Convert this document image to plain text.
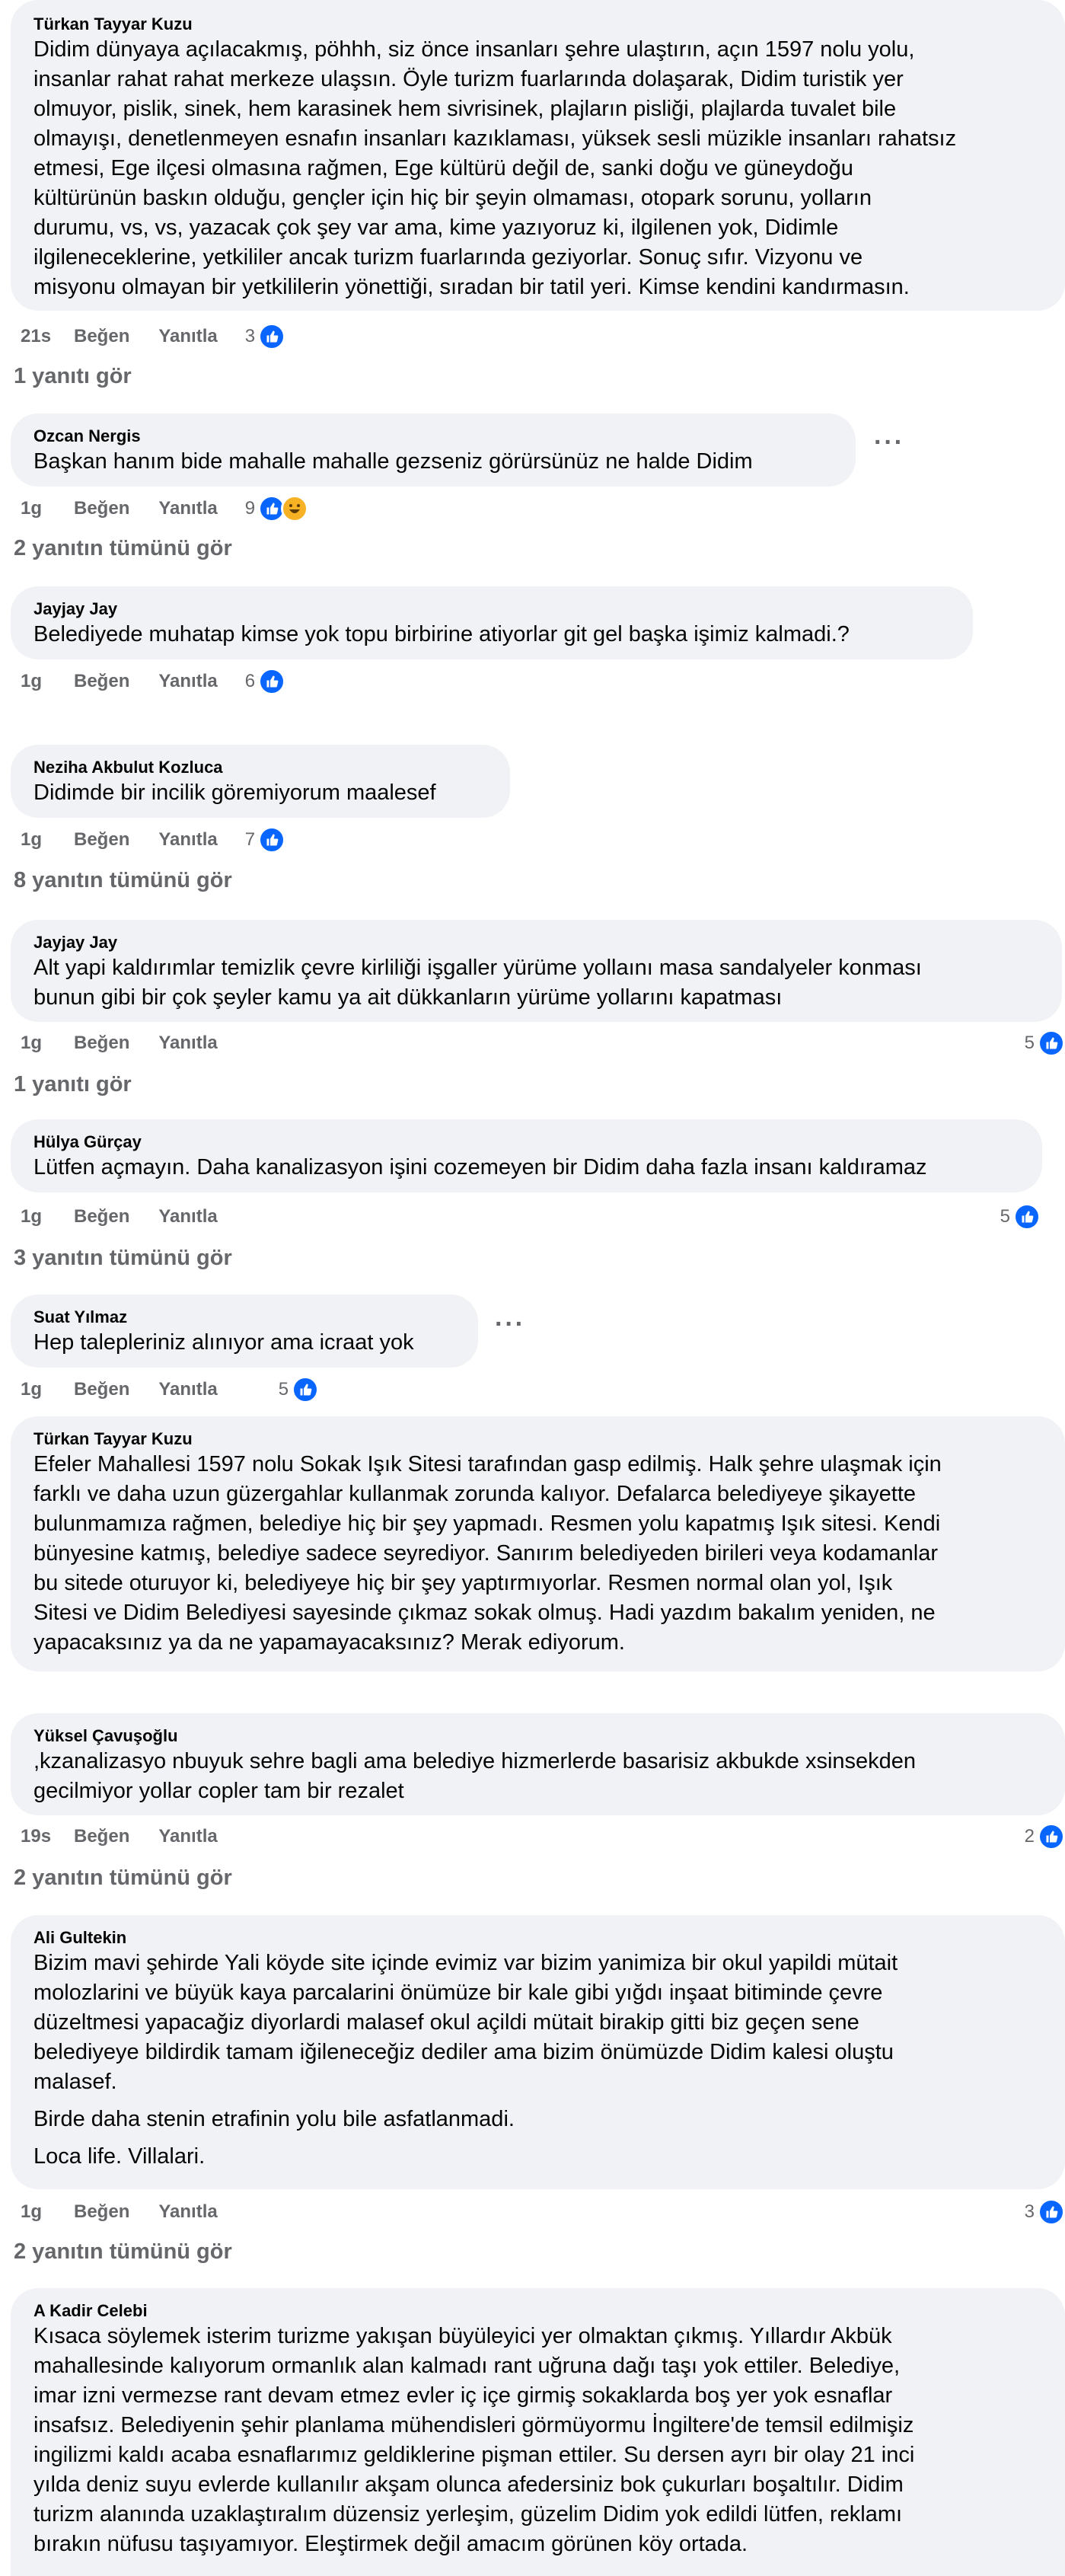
Türkan Tayyar Kuzu
Didim dünyaya açılacakmış, pöhhh, siz önce insanları şehre ulaştırın, açın 1597 nolu yolu,
insanlar rahat rahat merkeze ulaşsın. Öyle turizm fuarlarında dolaşarak, Didim turistik yer
olmuyor, pislik, sinek, hem karasinek hem sivrisinek, plajların pisliği, plajlarda tuvalet bile
olmayışı, denetlenmeyen esnafın insanları kazıklaması, yüksek sesli müzikle insanları rahatsız
etmesi, Ege ilçesi olmasına rağmen, Ege kültürü değil de, sanki doğu ve güneydoğu
kültürünün baskın olduğu, gençler için hiç bir şeyin olmaması, otopark sorunu, yolların
durumu, vs, vs, yazacak çok şey var ama, kime yazıyoruz ki, ilgilenen yok, Didimle
ilgileneceklerine, yetkililer ancak turizm fuarlarında geziyorlar. Sonuç sıfır. Vizyonu ve
misyonu olmayan bir yetkililerin yönettiği, sıradan bir tatil yeri. Kimse kendini kandırmasın.
21s	Beğen Yanıtla 3
1 yanıtı gör
Ozcan Nergis
Başkan hanım bide mahalle mahalle gezseniz görürsünüz ne halde Didim
···
1g	Beğen Yanıtla 9
2 yanıtın tümünü gör
Jayjay Jay
Belediyede muhatap kimse yok topu birbirine atiyorlar git gel başka işimiz kalmadi.?
1g	Beğen Yanıtla 6
Neziha Akbulut Kozluca
Didimde bir incilik göremiyorum maalesef
1g	Beğen Yanıtla 7
8 yanıtın tümünü gör
Jayjay Jay
Alt yapi kaldırımlar temizlik çevre kirliliği işgaller yürüme yollaını masa sandalyeler konması
bunun gibi bir çok şeyler kamu ya ait dükkanların yürüme yollarını kapatması
1g	Beğen Yanıtla	5
1 yanıtı gör
Hülya Gürçay
Lütfen açmayın. Daha kanalizasyon işini cozemeyen bir Didim daha fazla insanı kaldıramaz
1g	Beğen Yanıtla	5
3 yanıtın tümünü gör
Suat Yılmaz
Hep talepleriniz alınıyor ama icraat yok
···
1g	Beğen Yanıtla	5
Türkan Tayyar Kuzu
Efeler Mahallesi 1597 nolu Sokak Işık Sitesi tarafından gasp edilmiş. Halk şehre ulaşmak için
farklı ve daha uzun güzergahlar kullanmak zorunda kalıyor. Defalarca belediyeye şikayette
bulunmamıza rağmen, belediye hiç bir şey yapmadı. Resmen yolu kapatmış Işık sitesi. Kendi
bünyesine katmış, belediye sadece seyrediyor. Sanırım belediyeden birileri veya kodamanlar
bu sitede oturuyor ki, belediyeye hiç bir şey yaptırmıyorlar. Resmen normal olan yol, Işık
Sitesi ve Didim Belediyesi sayesinde çıkmaz sokak olmuş. Hadi yazdım bakalım yeniden, ne
yapacaksınız ya da ne yapamayacaksınız? Merak ediyorum.
Yüksel Çavuşoğlu
,kzanalizasyo nbuyuk sehre bagli ama belediye hizmerlerde basarisiz akbukde xsinsekden
gecilmiyor yollar copler tam bir rezalet
19s	Beğen Yanıtla	2
2 yanıtın tümünü gör
Ali Gultekin
Bizim mavi şehirde Yali köyde site içinde evimiz var bizim yanimiza bir okul yapildi mütait
molozlarini ve büyük kaya parcalarini önümüze bir kale gibi yığdı inşaat bitiminde çevre
düzeltmesi yapacağiz diyorlardi malasef okul açildi mütait birakip gitti biz geçen sene
belediyeye bildirdik tamam iğileneceğiz dediler ama bizim önümüzde Didim kalesi oluştu
malasef.
Birde daha stenin etrafinin yolu bile asfatlanmadi.
Loca life. Villalari.
1g	Beğen Yanıtla	3
2 yanıtın tümünü gör
A Kadir Celebi
Kısaca söylemek isterim turizme yakışan büyüleyici yer olmaktan çıkmış. Yıllardır Akbük
mahallesinde kalıyorum ormanlık alan kalmadı rant uğruna dağı taşı yok ettiler. Belediye,
imar izni vermezse rant devam etmez evler iç içe girmiş sokaklarda boş yer yok esnaflar
insafsız. Belediyenin şehir planlama mühendisleri görmüyormu İngiltere'de temsil edilmişiz
ingilizmi kaldı acaba esnaflarımız geldiklerine pişman ettiler. Su dersen ayrı bir olay 21 inci
yılda deniz suyu evlerde kullanılır akşam olunca afedersiniz bok çukurları boşaltılır. Didim
turizm alanında uzaklaştıralım düzensiz yerleşim, güzelim Didim yok edildi lütfen, reklamı
bırakın nüfusu taşıyamıyor. Eleştirmek değil amacım görünen köy ortada.
